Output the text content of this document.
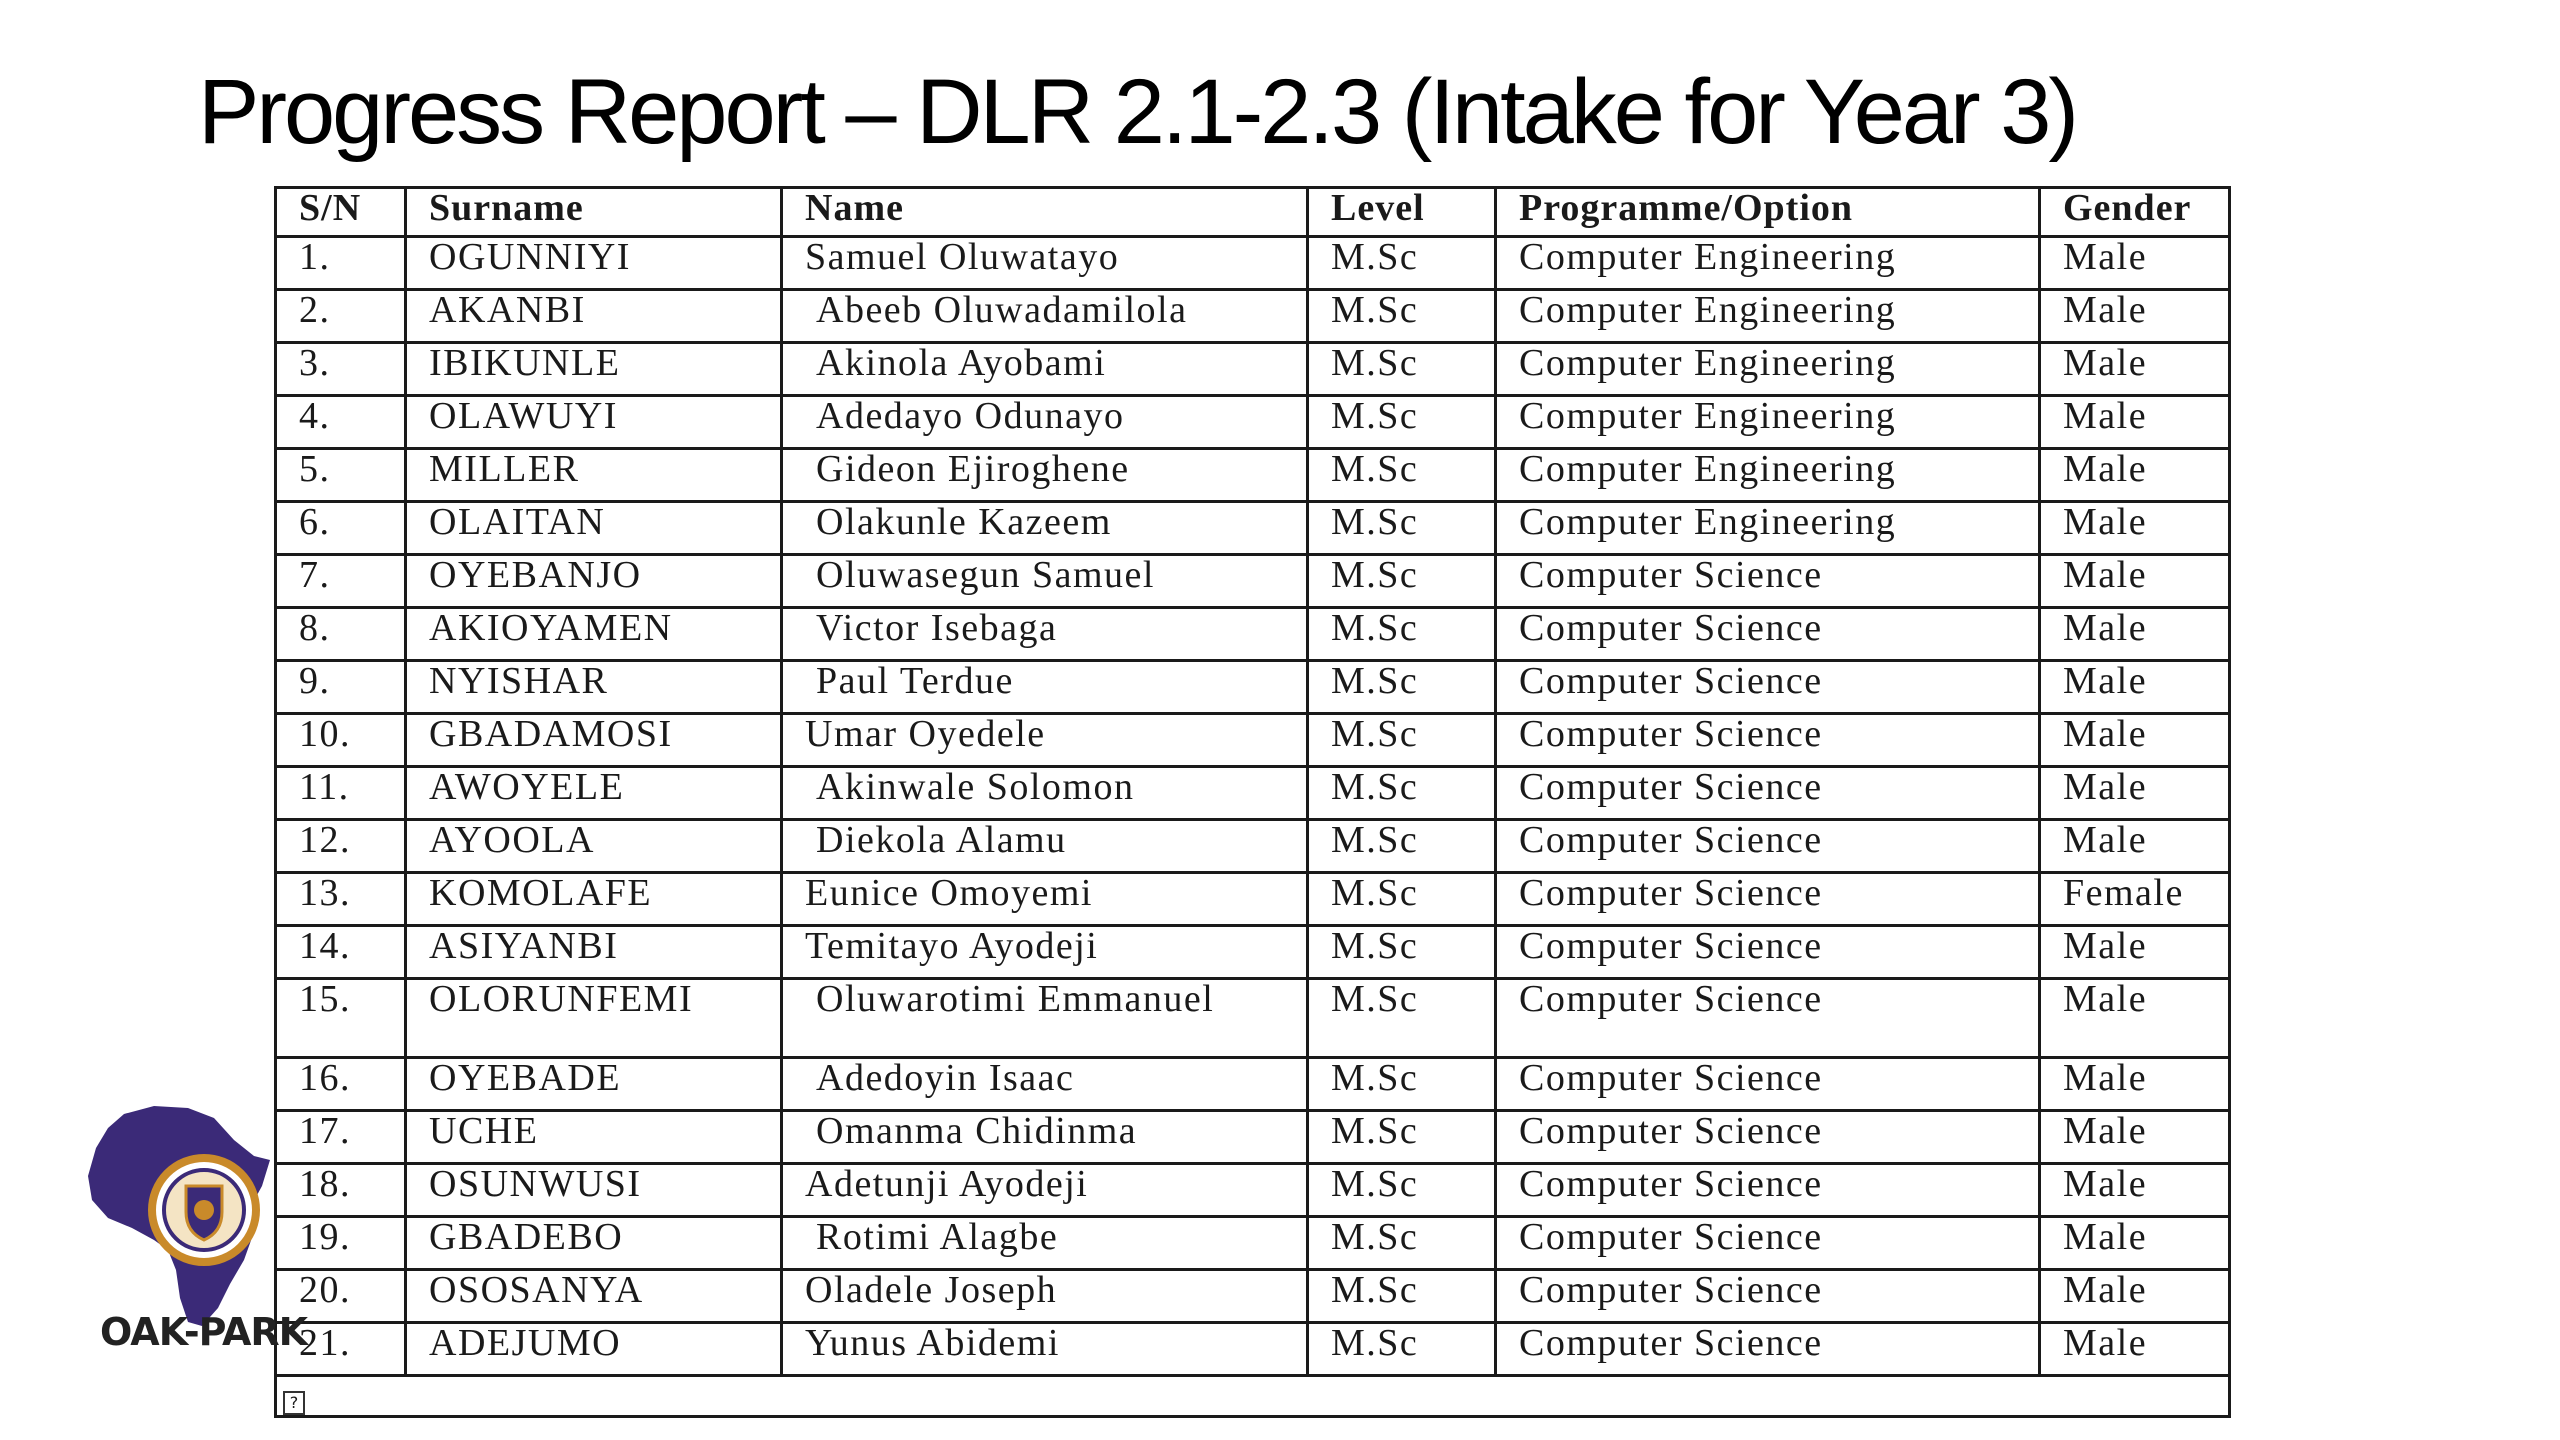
Progress Report – DLR 2.1-2.3 (Intake for Year 3)
S/N	Surname	Name	Level	Programme/Option	Gender
1.	OGUNNIYI	Samuel Oluwatayo	M.Sc	Computer Engineering	Male
2.	AKANBI	Abeeb Oluwadamilola	M.Sc	Computer Engineering	Male
3.	IBIKUNLE	Akinola Ayobami	M.Sc	Computer Engineering	Male
4.	OLAWUYI	Adedayo Odunayo	M.Sc	Computer Engineering	Male
5.	MILLER	Gideon Ejiroghene	M.Sc	Computer Engineering	Male
6.	OLAITAN	Olakunle Kazeem	M.Sc	Computer Engineering	Male
7.	OYEBANJO	Oluwasegun Samuel	M.Sc	Computer Science	Male
8.	AKIOYAMEN	Victor Isebaga	M.Sc	Computer Science	Male
9.	NYISHAR	Paul Terdue	M.Sc	Computer Science	Male
10.	GBADAMOSI	Umar Oyedele	M.Sc	Computer Science	Male
11.	AWOYELE	Akinwale Solomon	M.Sc	Computer Science	Male
12.	AYOOLA	Diekola Alamu	M.Sc	Computer Science	Male
13.	KOMOLAFE	Eunice Omoyemi	M.Sc	Computer Science	Female
14.	ASIYANBI	Temitayo Ayodeji	M.Sc	Computer Science	Male
15.	OLORUNFEMI	Oluwarotimi Emmanuel	M.Sc	Computer Science	Male
16.	OYEBADE	Adedoyin Isaac	M.Sc	Computer Science	Male
17.	UCHE	Omanma Chidinma	M.Sc	Computer Science	Male
18.	OSUNWUSI	Adetunji Ayodeji	M.Sc	Computer Science	Male
19.	GBADEBO	Rotimi Alagbe	M.Sc	Computer Science	Male
20.	OSOSANYA	Oladele Joseph	M.Sc	Computer Science	Male
21.	ADEJUMO	Yunus Abidemi	M.Sc	Computer Science	Male
?					
OAK-PARK
